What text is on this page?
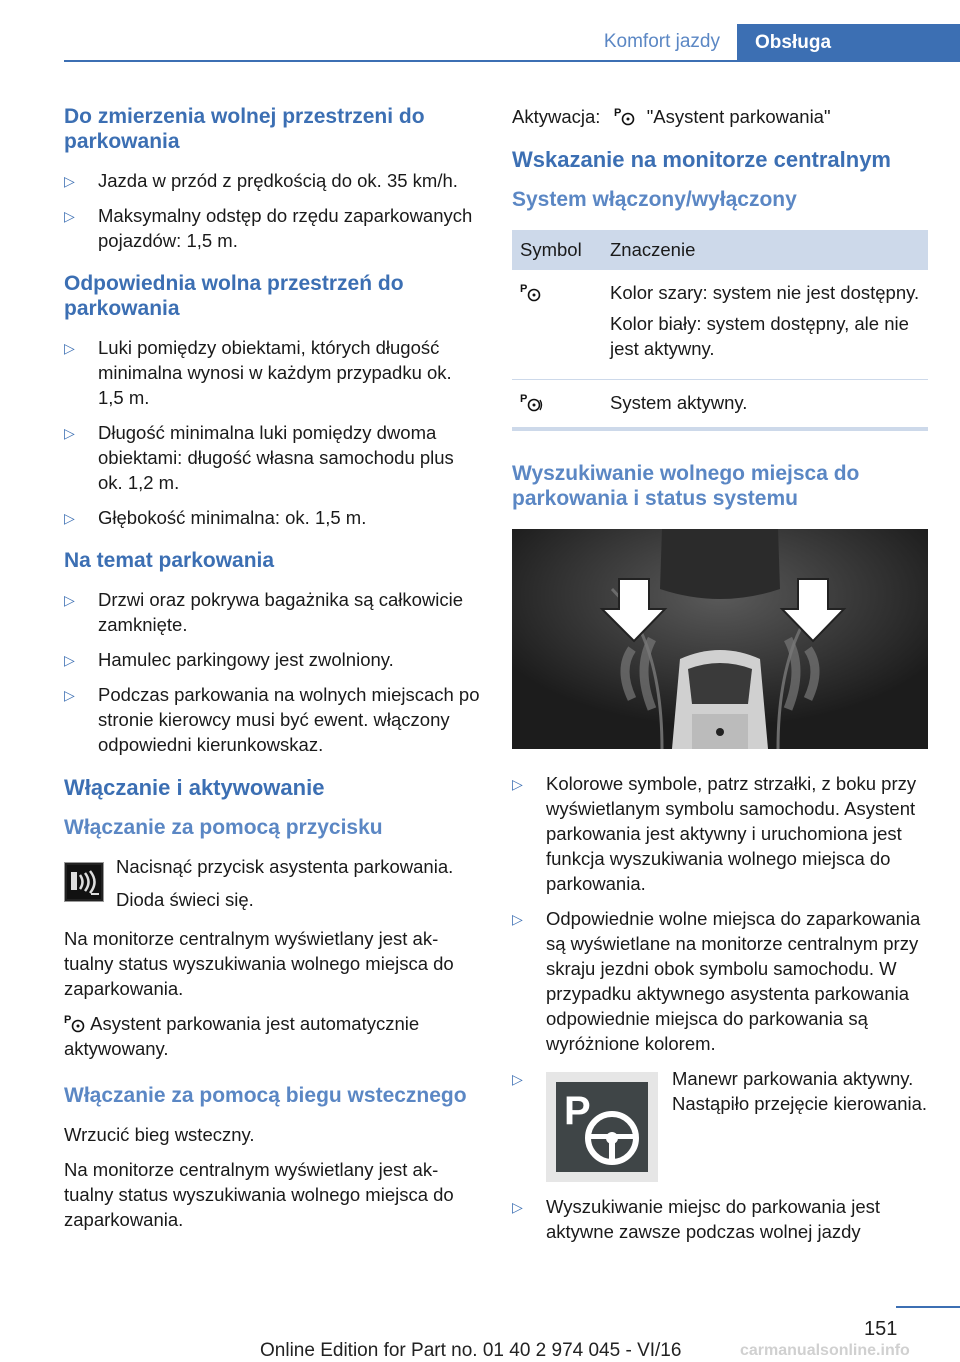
Komfort jazdy	Obsługa
Do zmierzenia wolnej przestrzeni do parkowania
▷ Jazda w przód z prędkością do ok. 35 km/h.
▷ Maksymalny odstęp do rzędu zaparkowanych pojazdów: 1,5 m.
Odpowiednia wolna przestrzeń do parkowania
▷ Luki pomiędzy obiektami, których długość minimalna wynosi w każdym przypadku ok. 1,5 m.
▷ Długość minimalna luki pomiędzy dwoma obiektami: długość własna samochodu plus ok. 1,2 m.
▷ Głębokość minimalna: ok. 1,5 m.
Na temat parkowania
▷ Drzwi oraz pokrywa bagażnika są całkowicie zamknięte.
▷ Hamulec parkingowy jest zwolniony.
▷ Podczas parkowania na wolnych miejscach po stronie kierowcy musi być ewent. włączony odpowiedni kierunkowskaz.
Włączanie i aktywowanie
Włączanie za pomocą przycisku

Nacisnąć przycisk asystenta parkowania.

Dioda świeci się.

Na monitorze centralnym wyświetlany jest aktualny status wyszukiwania wolnego miejsca do zaparkowania.

P Asystent parkowania jest automatycznie aktywowany.

Włączanie za pomocą biegu wstecznego

Wrzucić bieg wsteczny.

Na monitorze centralnym wyświetlany jest aktualny status wyszukiwania wolnego miejsca do zaparkowania.

Aktywacja: P "Asystent parkowania"

Wskazanie na monitorze centralnym
System włączony/wyłączony
Symbol	Znaczenie

P	Kolor szary: system nie jest dostępny.

Kolor biały: system dostępny, ale nie jest aktywny.

P	System aktywny.
Wyszukiwanie wolnego miejsca do parkowania i status systemu
▷ Kolorowe symbole, patrz strzałki, z boku przy wyświetlanym symbolu samochodu. Asystent parkowania jest aktywny i uruchomiona jest funkcja wyszukiwania wolnego miejsca do parkowania.
▷ Odpowiednie wolne miejsca do zaparkowania są wyświetlane na monitorze centralnym przy skraju jezdni obok symbolu samochodu. W przypadku aktywnego asystenta parkowania odpowiednie miejsca do parkowania są wyróżnione kolorem.
▷
P
Manewr parkowania aktywny. Nastąpiło przejęcie kierowania.
▷ Wyszukiwanie miejsc do parkowania jest aktywne zawsze podczas wolnej jazdy
151
Online Edition for Part no. 01 40 2 974 045 - VI/16	carmanualsonline.info
